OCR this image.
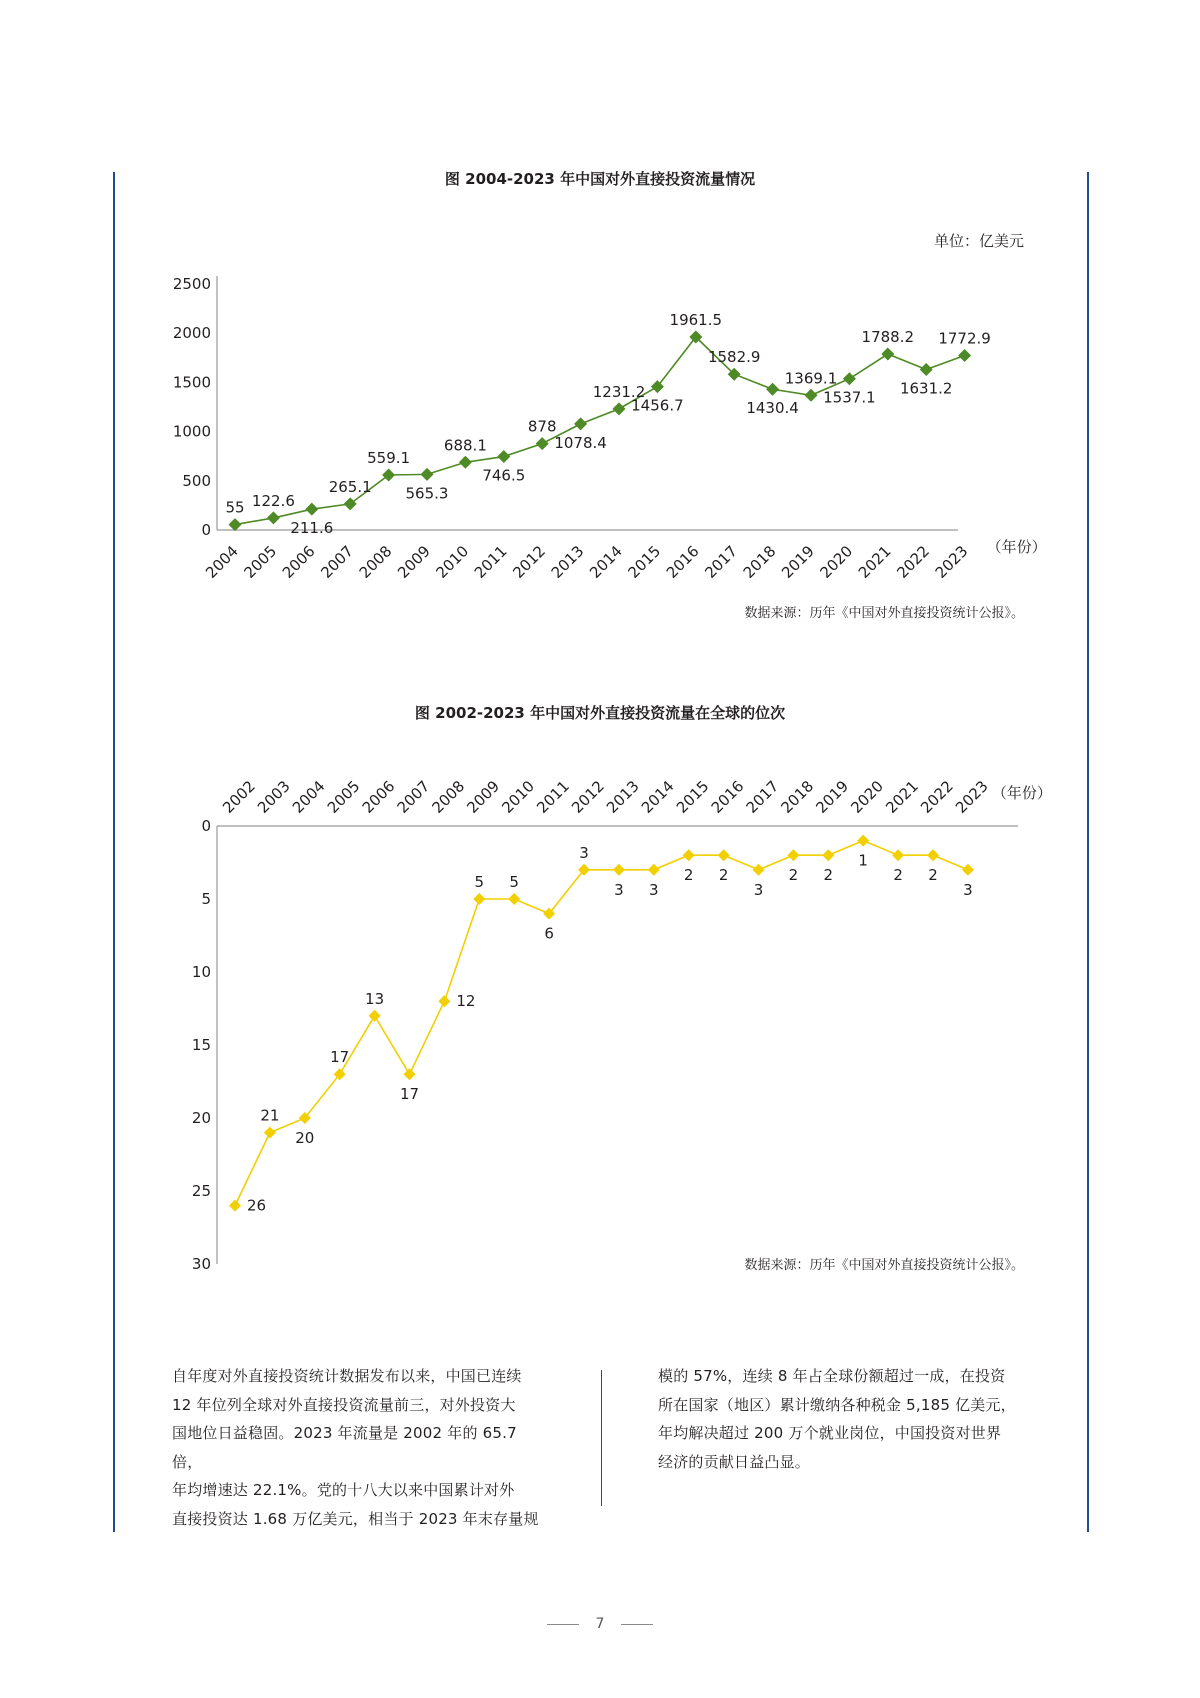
图 2004-2023 年中国对外直接投资流量情况
单位：亿美元
0
500
1000
1500
2000
2500
2004
2005
2006
2007
2008
2009
2010
2011
2012
2013
2014
2015
2016
2017
2018
2019
2020
2021
2022
2023 （年份）
55 122.6
211.6
265.1
559.1
565.3
688.1
746.5
878
1078.4
1231.2
1456.7
1961.5
1582.9
1430.4
1369.1
1537.1
1788.2
1631.2
1772.9
数据来源：历年《中国对外直接投资统计公报》。
图 2002-2023 年中国对外直接投资流量在全球的位次
0
5
10
15
20
25
30
2002
2003
2004
2005
2006
2007
2008
2009
2010
2011
2012
2013
2014
2015
2016
2017
2018
2019
2020
2021
2022
2023 （年份）
26
21
20
17
13
17
12
5 5
6
3
3 3
2 2
3
2 2
1
2 2
3
数据来源：历年《中国对外直接投资统计公报》。
自年度对外直接投资统计数据发布以来，中国已连续
12 年位列全球对外直接投资流量前三，对外投资大
国地位日益稳固。2023 年流量是 2002 年的 65.7 倍，
年均增速达 22.1%。党的十八大以来中国累计对外
直接投资达 1.68 万亿美元，相当于 2023 年末存量规
模的 57%，连续 8 年占全球份额超过一成，在投资
所在国家（地区）累计缴纳各种税金 5,185 亿美元，
年均解决超过 200 万个就业岗位，中国投资对世界
经济的贡献日益凸显。
7
